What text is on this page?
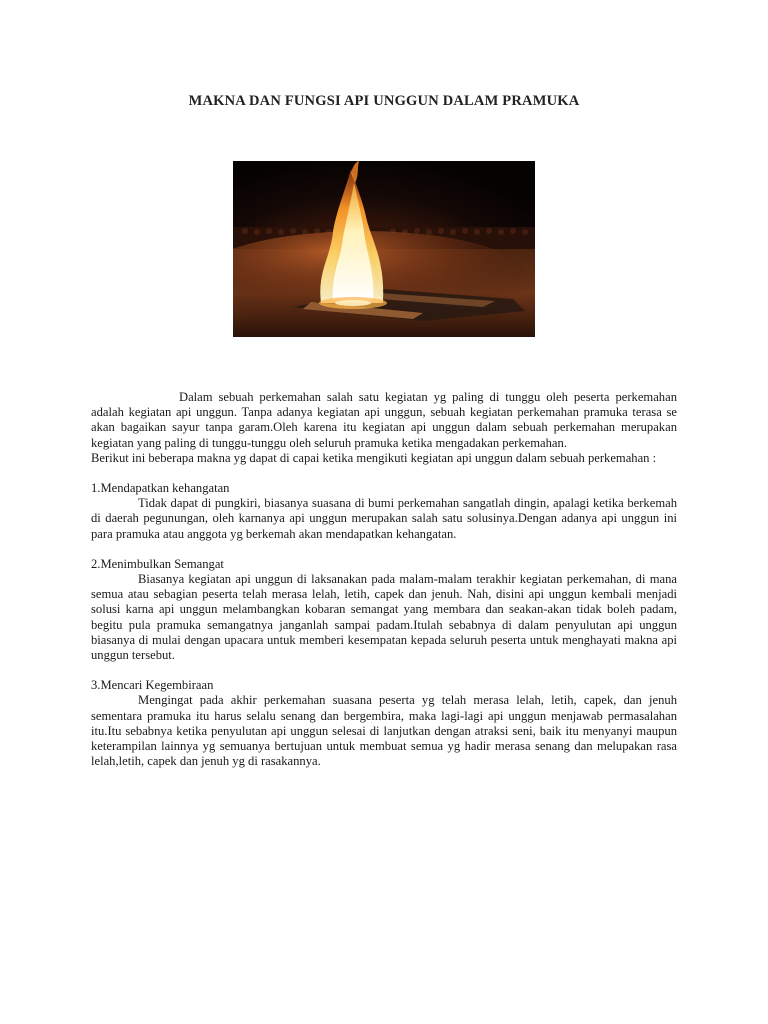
MAKNA DAN FUNGSI API UNGGUN DALAM PRAMUKA

Dalam sebuah perkemahan salah satu kegiatan yg paling di tunggu oleh peserta perkemahan adalah kegiatan api unggun. Tanpa adanya kegiatan api unggun, sebuah kegiatan perkemahan pramuka terasa se akan bagaikan sayur tanpa garam.Oleh karena itu kegiatan api unggun dalam sebuah perkemahan merupakan kegiatan yang paling di tunggu-tunggu oleh seluruh pramuka ketika mengadakan perkemahan.

Berikut ini beberapa makna yg dapat di capai ketika mengikuti kegiatan api unggun dalam sebuah perkemahan :

1.Mendapatkan kehangatan

Tidak dapat di pungkiri, biasanya suasana di bumi perkemahan sangatlah dingin, apalagi ketika berkemah di daerah pegunungan, oleh karnanya api unggun merupakan salah satu solusinya.Dengan adanya api unggun ini para pramuka atau anggota yg berkemah akan mendapatkan kehangatan.

2.Menimbulkan Semangat

Biasanya kegiatan api unggun di laksanakan pada malam-malam terakhir kegiatan perkemahan, di mana semua atau sebagian peserta telah merasa lelah, letih, capek dan jenuh. Nah, disini api unggun kembali menjadi solusi karna api unggun melambangkan kobaran semangat yang membara dan seakan-akan tidak boleh padam, begitu pula pramuka semangatnya janganlah sampai padam.Itulah sebabnya di dalam penyulutan api unggun biasanya di mulai dengan upacara untuk memberi kesempatan kepada seluruh peserta untuk menghayati makna api unggun tersebut.

3.Mencari Kegembiraan

Mengingat pada akhir perkemahan suasana peserta yg telah merasa lelah, letih, capek, dan jenuh sementara pramuka itu harus selalu senang dan bergembira, maka lagi-lagi api unggun menjawab permasalahan itu.Itu sebabnya ketika penyulutan api unggun selesai di lanjutkan dengan atraksi seni, baik itu menyanyi maupun keterampilan lainnya yg semuanya bertujuan untuk membuat semua yg hadir merasa senang dan melupakan rasa lelah,letih, capek dan jenuh yg di rasakannya.
